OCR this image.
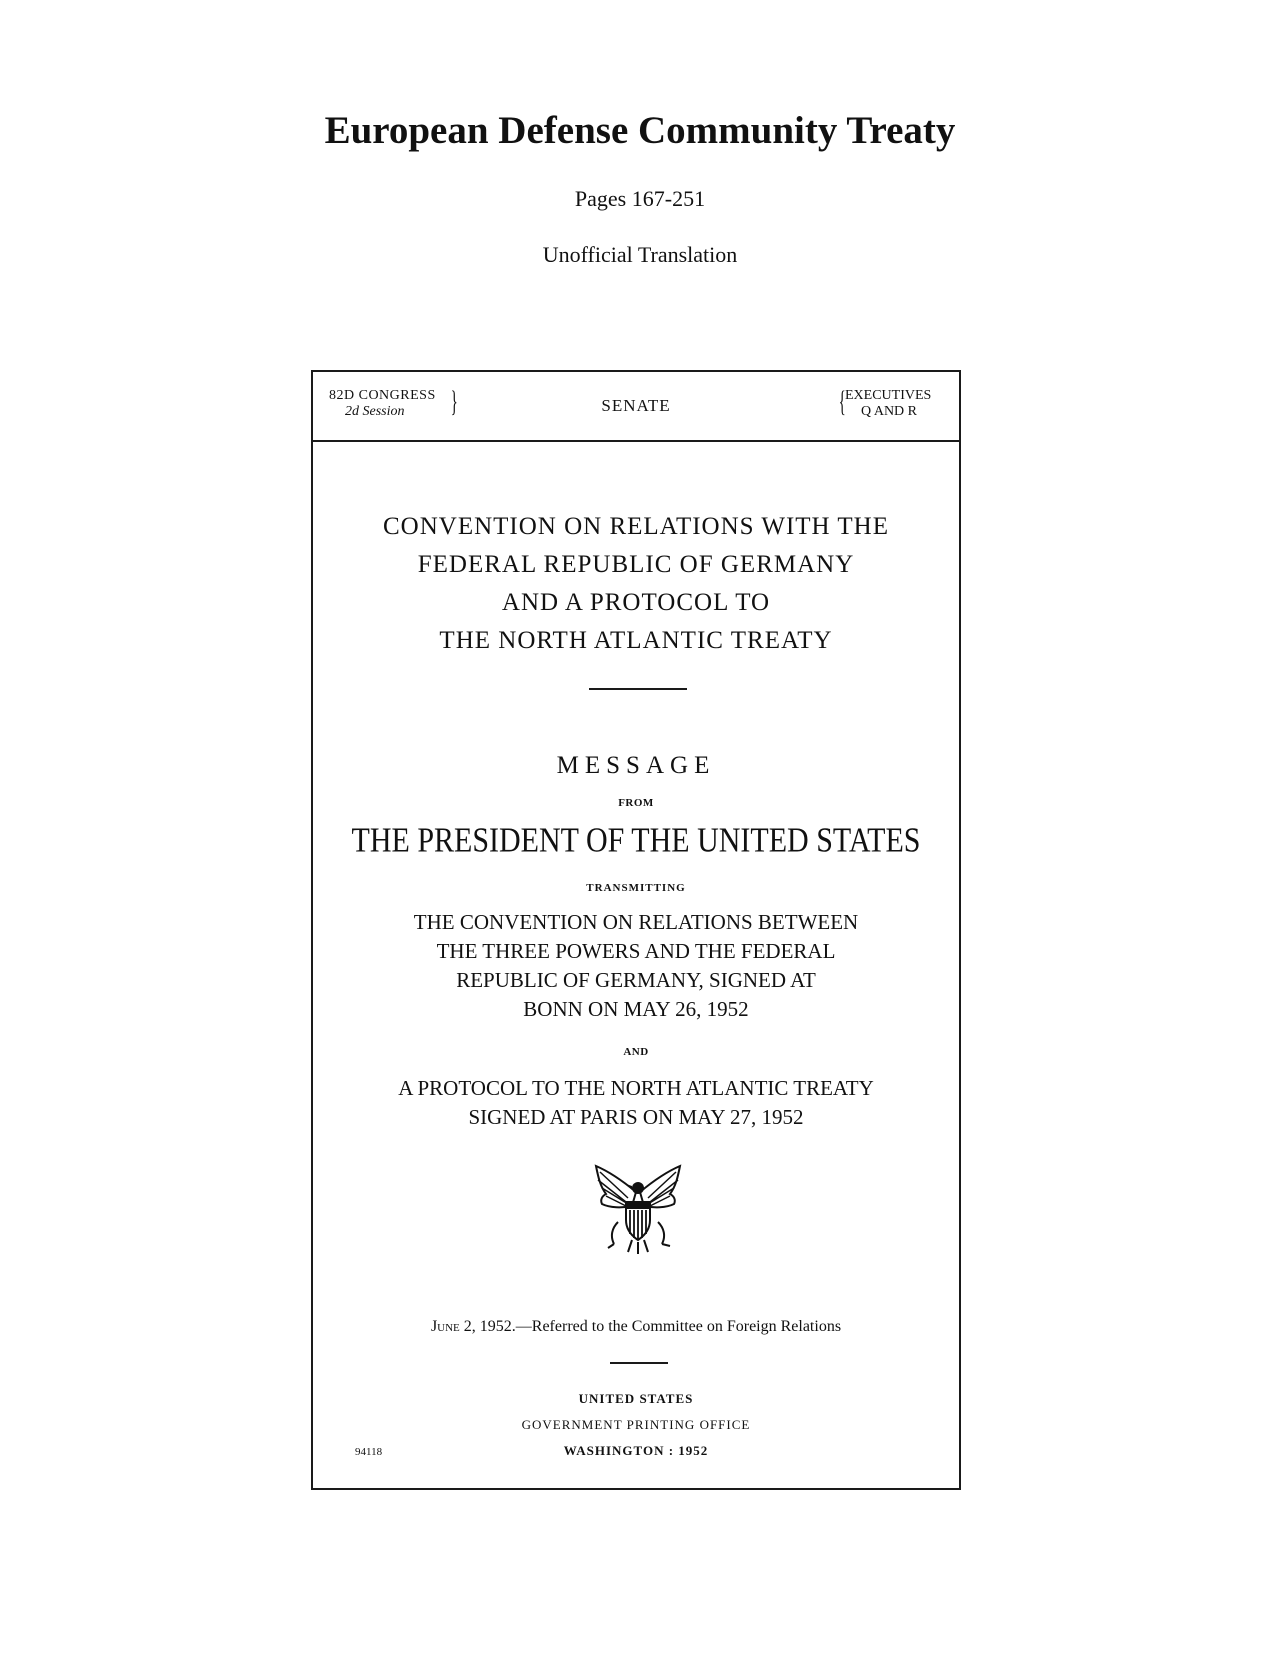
European Defense Community Treaty
Pages 167-251
Unofficial Translation
82D CONGRESS
2d Session	}	SENATE	{ EXECUTIVES
Q AND R
CONVENTION ON RELATIONS WITH THE
FEDERAL REPUBLIC OF GERMANY
AND A PROTOCOL TO
THE NORTH ATLANTIC TREATY
MESSAGE
FROM
THE PRESIDENT OF THE UNITED STATES
TRANSMITTING
THE CONVENTION ON RELATIONS BETWEEN
THE THREE POWERS AND THE FEDERAL
REPUBLIC OF GERMANY, SIGNED AT
BONN ON MAY 26, 1952
AND
A PROTOCOL TO THE NORTH ATLANTIC TREATY
SIGNED AT PARIS ON MAY 27, 1952
June 2, 1952.—Referred to the Committee on Foreign Relations
UNITED STATES
GOVERNMENT PRINTING OFFICE
WASHINGTON : 1952
94118
